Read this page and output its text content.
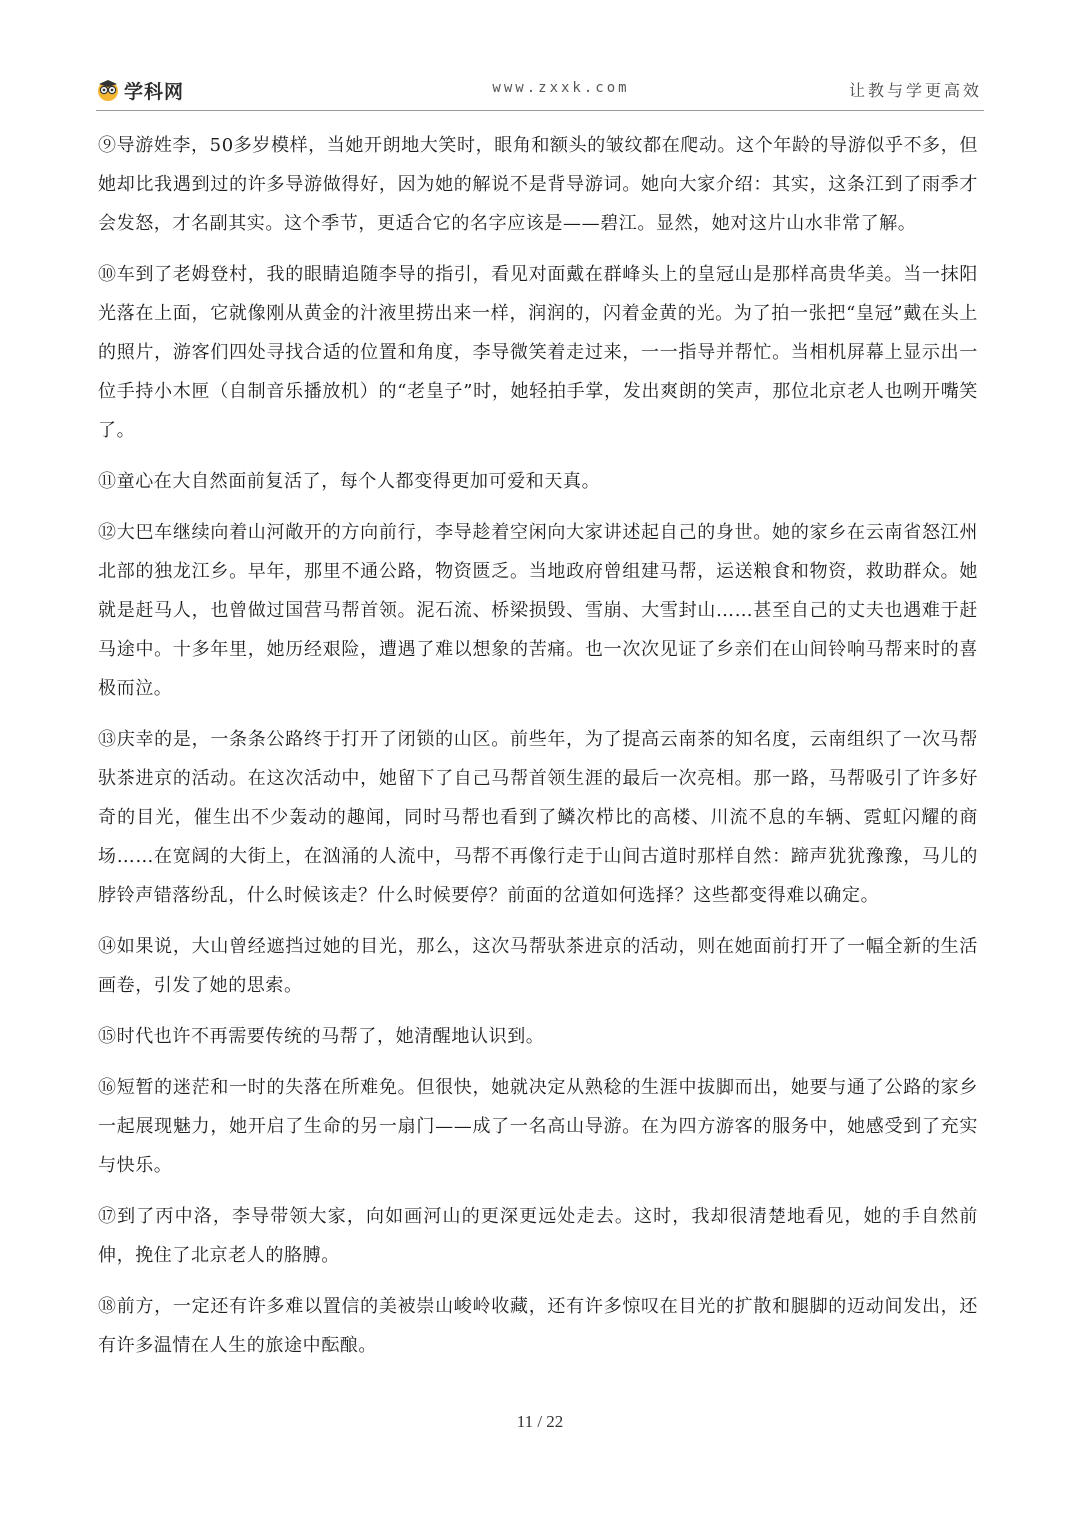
学科网	www.zxxk.com	让教与学更高效

⑨导游姓李，50多岁模样，当她开朗地大笑时，眼角和额头的皱纹都在爬动。这个年龄的导游似乎不多，但她却比我遇到过的许多导游做得好，因为她的解说不是背导游词。她向大家介绍：其实，这条江到了雨季才会发怒，才名副其实。这个季节，更适合它的名字应该是——碧江。显然，她对这片山水非常了解。

⑩车到了老姆登村，我的眼睛追随李导的指引，看见对面戴在群峰头上的皇冠山是那样高贵华美。当一抹阳光落在上面，它就像刚从黄金的汁液里捞出来一样，润润的，闪着金黄的光。为了拍一张把“皇冠”戴在头上的照片，游客们四处寻找合适的位置和角度，李导微笑着走过来，一一指导并帮忙。当相机屏幕上显示出一位手持小木匣（自制音乐播放机）的“老皇子”时，她轻拍手掌，发出爽朗的笑声，那位北京老人也咧开嘴笑了。

⑪童心在大自然面前复活了，每个人都变得更加可爱和天真。

⑫大巴车继续向着山河敞开的方向前行，李导趁着空闲向大家讲述起自己的身世。她的家乡在云南省怒江州北部的独龙江乡。早年，那里不通公路，物资匮乏。当地政府曾组建马帮，运送粮食和物资，救助群众。她就是赶马人，也曾做过国营马帮首领。泥石流、桥梁损毁、雪崩、大雪封山……甚至自己的丈夫也遇难于赶马途中。十多年里，她历经艰险，遭遇了难以想象的苦痛。也一次次见证了乡亲们在山间铃响马帮来时的喜极而泣。

⑬庆幸的是，一条条公路终于打开了闭锁的山区。前些年，为了提高云南茶的知名度，云南组织了一次马帮驮茶进京的活动。在这次活动中，她留下了自己马帮首领生涯的最后一次亮相。那一路，马帮吸引了许多好奇的目光，催生出不少轰动的趣闻，同时马帮也看到了鳞次栉比的高楼、川流不息的车辆、霓虹闪耀的商场……在宽阔的大街上，在汹涌的人流中，马帮不再像行走于山间古道时那样自然：蹄声犹犹豫豫，马儿的脖铃声错落纷乱，什么时候该走？什么时候要停？前面的岔道如何选择？这些都变得难以确定。

⑭如果说，大山曾经遮挡过她的目光，那么，这次马帮驮茶进京的活动，则在她面前打开了一幅全新的生活画卷，引发了她的思索。

⑮时代也许不再需要传统的马帮了，她清醒地认识到。

⑯短暂的迷茫和一时的失落在所难免。但很快，她就决定从熟稔的生涯中拔脚而出，她要与通了公路的家乡一起展现魅力，她开启了生命的另一扇门——成了一名高山导游。在为四方游客的服务中，她感受到了充实与快乐。

⑰到了丙中洛，李导带领大家，向如画河山的更深更远处走去。这时，我却很清楚地看见，她的手自然前伸，挽住了北京老人的胳膊。

⑱前方，一定还有许多难以置信的美被崇山峻岭收藏，还有许多惊叹在目光的扩散和腿脚的迈动间发出，还有许多温情在人生的旅途中酝酿。

11 / 22
